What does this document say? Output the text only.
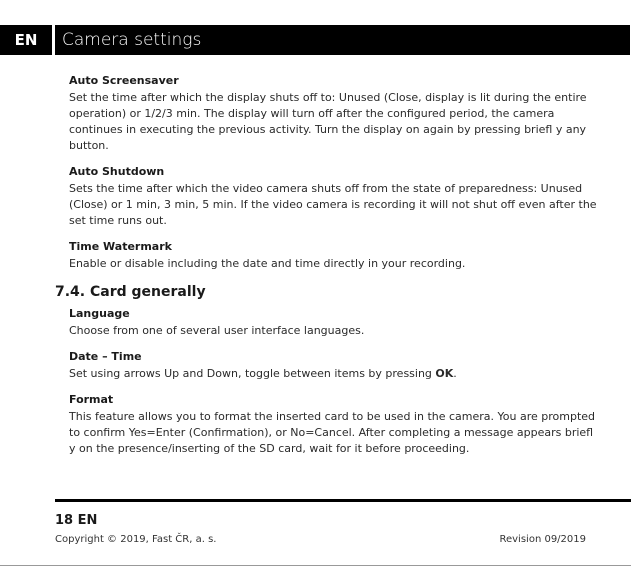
EN	Camera settings

Auto Screensaver

Set the time after which the display shuts off to: Unused (Close, display is lit during the entire operation) or 1/2/3 min. The display will turn off after the configured period, the camera continues in executing the previous activity. Turn the display on again by pressing briefl y any button.

Auto Shutdown

Sets the time after which the video camera shuts off from the state of preparedness: Unused (Close) or 1 min, 3 min, 5 min. If the video camera is recording it will not shut off even after the set time runs out.

Time Watermark

Enable or disable including the date and time directly in your recording.

7.4. Card generally

Language

Choose from one of several user interface languages.

Date – Time

Set using arrows Up and Down, toggle between items by pressing OK.

Format

This feature allows you to format the inserted card to be used in the camera. You are prompted to confirm Yes=Enter (Confirmation), or No=Cancel. After completing a message appears briefl y on the presence/inserting of the SD card, wait for it before proceeding.

18 EN
Copyright © 2019, Fast ČR, a. s.	Revision 09/2019
